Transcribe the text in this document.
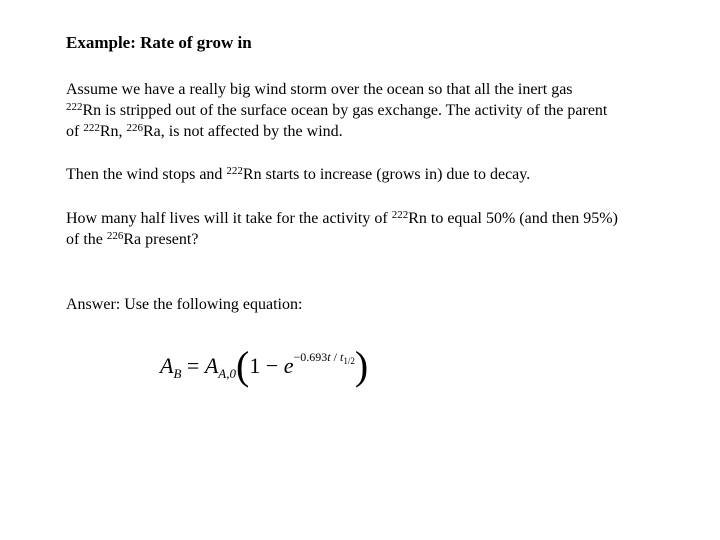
Example: Rate of grow in
Assume we have a really big wind storm over the ocean so that all the inert gas
$^{222}$Rn is stripped out of the surface ocean by gas exchange. The activity of the parent
of $^{222}$Rn, $^{226}$Ra, is not affected by the wind.
Then the wind stops and $^{222}$Rn starts to increase (grows in) due to decay.
How many half lives will it take for the activity of $^{222}$Rn to equal 50% (and then 95%)
of the $^{226}$Ra present?
Answer: Use the following equation:
$A_B = A_{A,0}(1 - e^{-0.693t / t_{1/2}})$
